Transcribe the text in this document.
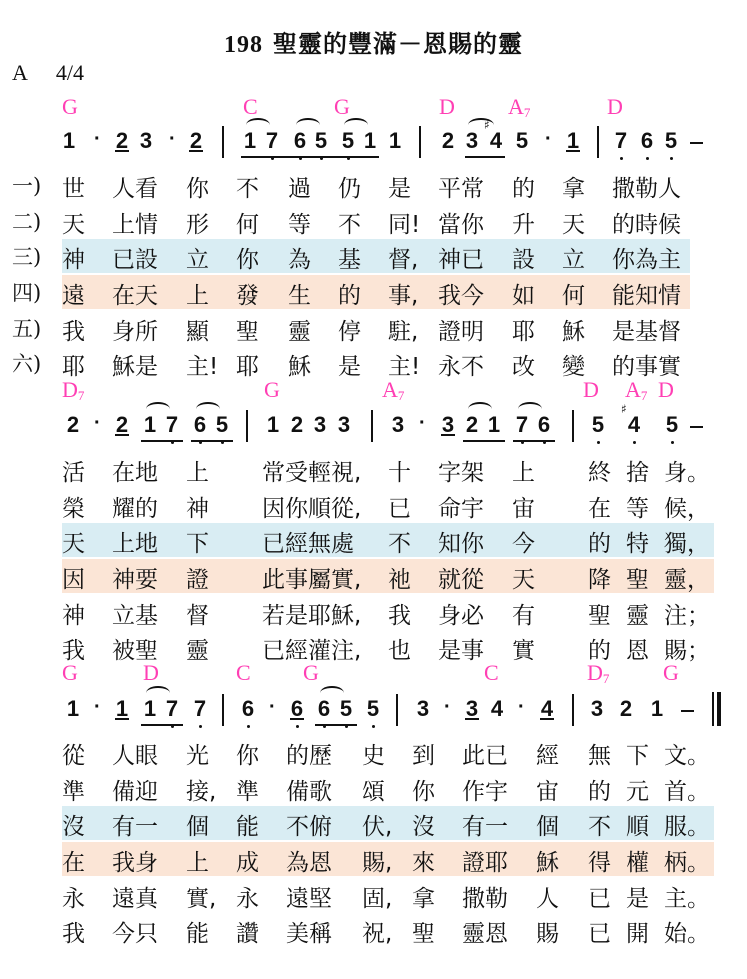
198 聖靈的豐滿－恩賜的靈
A 4/4
G	C	G	D $A_7$	D
1 · 2 3 · 2 1 7 6 5 5 1 1 2 3
♯
4 5 · 1 7 6 5
一) 世 人看 你 不 過 仍 是 平常 的 拿 撒勒人
二) 天 上情 形 何 等 不 同! 當你 升 天 的時候
三) 神 已設 立 你 為 基 督, 神已 設 立 你為主
四) 遠 在天 上 發 生 的 事, 我今 如 何 能知情
五) 我 身所 顯 聖 靈 停 駐, 證明 耶 穌 是基督
六) 耶 穌是 主! 耶 穌 是 主! 永不 改 變 的事實
$D_7$	G	$A_7$	D $A_7$ D
2 · 2 1 7 6 5 1 2 3 3 3 · 3 2 1 7 6 5
♯
4 5
活 在地 上 常受輕視, 十 字架 上 終 捨 身。
榮 耀的 神 因你順從, 已 命宇 宙 在 等 候，
天 上地 下 已經無處 不 知你 今 的 特 獨，
因 神要 證 此事屬實, 祂 就從 天 降 聖 靈，
神 立基 督 若是耶穌, 我 身必 有 聖 靈 注；
我 被聖 靈 已經灌注, 也 是事 實 的 恩 賜；
G	D	C G	C	$D_7$ G
1 · 1 1 7 7 6 · 6 6 5 5 3 · 3 4 · 4 3 2 1
從 人眼 光 你 的歷 史 到 此已 經 無 下 文。
準 備迎 接, 準 備歌 頌 你 作宇 宙 的 元 首。
沒 有一 個 能 不俯 伏, 沒 有一 個 不 順 服。
在 我身 上 成 為恩 賜, 來 證耶 穌 得 權 柄。
永 遠真 實, 永 遠堅 固, 拿 撒勒 人 已 是 主。
我 今只 能 讚 美稱 祝, 聖 靈恩 賜 已 開 始。
